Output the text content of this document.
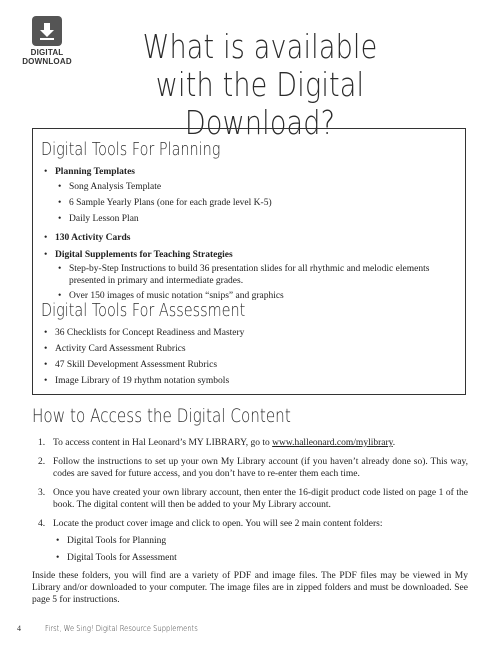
DIGITAL
DOWNLOAD	What is available
with the Digital Download?
Digital Tools For Planning
• Planning Templates
• Song Analysis Template
• 6 Sample Yearly Plans (one for each grade level K-5)
• Daily Lesson Plan
• 130 Activity Cards
• Digital Supplements for Teaching Strategies
• Step-by-Step Instructions to build 36 presentation slides for all rhythmic and melodic elements presented in primary and intermediate grades.
• Over 150 images of music notation “snips” and graphics
Digital Tools For Assessment
• 36 Checklists for Concept Readiness and Mastery
• Activity Card Assessment Rubrics
• 47 Skill Development Assessment Rubrics
• Image Library of 19 rhythm notation symbols
How to Access the Digital Content
1. To access content in Hal Leonard’s MY LIBRARY, go to www.halleonard.com/mylibrary.
2. Follow the instructions to set up your own My Library account (if you haven’t already done so). This way, codes are saved for future access, and you don’t have to re-enter them each time.
3. Once you have created your own library account, then enter the 16-digit product code listed on page 1 of the book. The digital content will then be added to your My Library account.
4. Locate the product cover image and click to open. You will see 2 main content folders:
• Digital Tools for Planning
• Digital Tools for Assessment
Inside these folders, you will find are a variety of PDF and image files. The PDF files may be viewed in My Library and/or downloaded to your computer. The image files are in zipped folders and must be downloaded. See page 5 for instructions.
4	First, We Sing! Digital Resource Supplements
